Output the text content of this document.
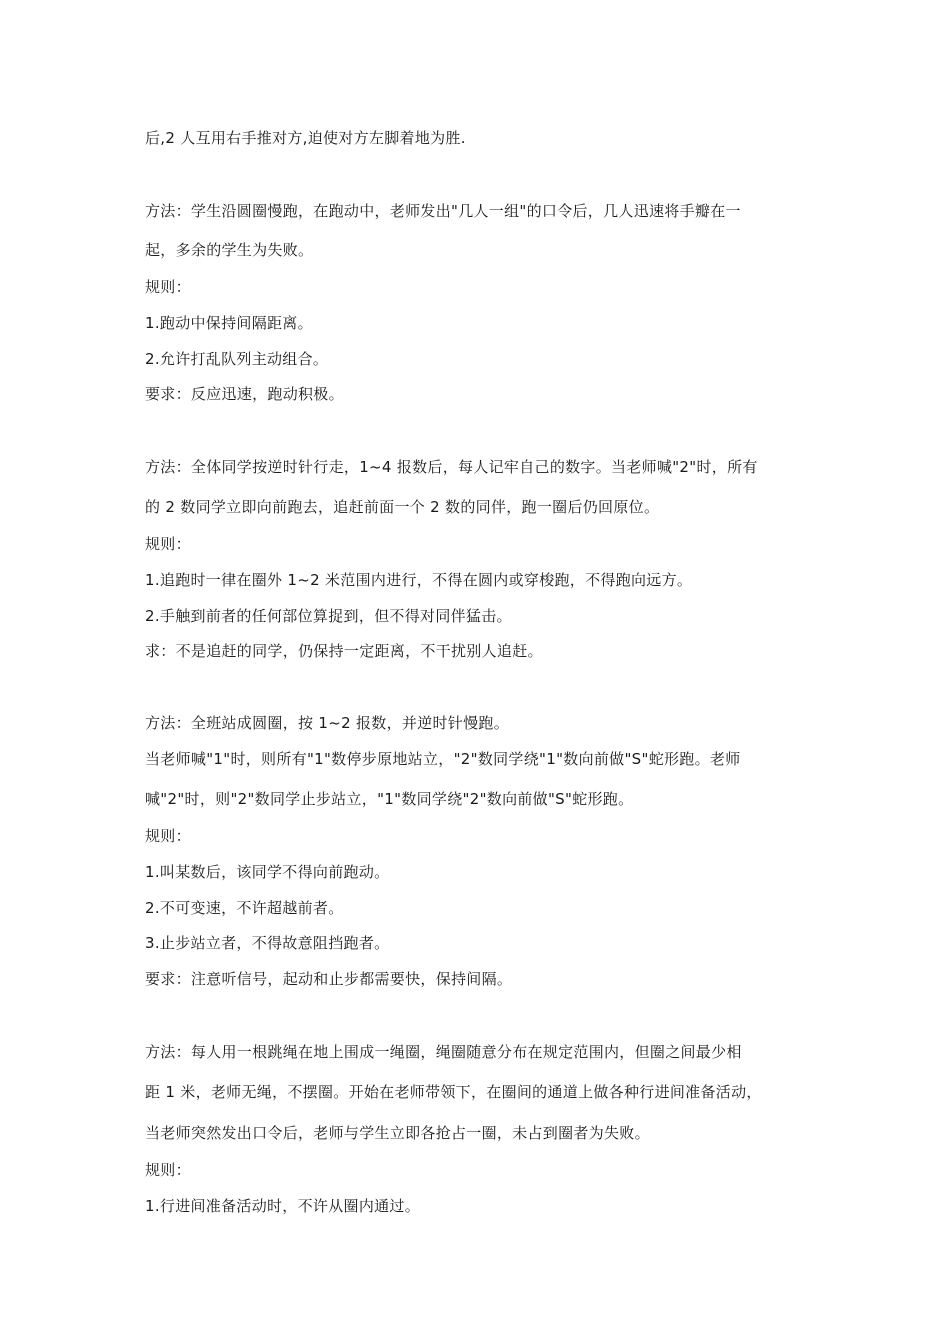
后,2 人互用右手推对方,迫使对方左脚着地为胜.
方法：学生沿圆圈慢跑，在跑动中，老师发出"几人一组"的口令后，几人迅速将手瓣在一
起，多余的学生为失败。
规则：
1.跑动中保持间隔距离。
2.允许打乱队列主动组合。
要求：反应迅速，跑动积极。
方法：全体同学按逆时针行走，1~4 报数后，每人记牢自己的数字。当老师喊"2"时，所有
的 2 数同学立即向前跑去，追赶前面一个 2 数的同伴，跑一圈后仍回原位。
规则：
1.追跑时一律在圈外 1~2 米范围内进行，不得在圆内或穿梭跑，不得跑向远方。
2.手触到前者的任何部位算捉到，但不得对同伴猛击。
求：不是追赶的同学，仍保持一定距离，不干扰别人追赶。
方法：全班站成圆圈，按 1~2 报数，并逆时针慢跑。
当老师喊"1"时，则所有"1"数停步原地站立，"2"数同学绕"1"数向前做"S"蛇形跑。老师
喊"2"时，则"2"数同学止步站立，"1"数同学绕"2"数向前做"S"蛇形跑。
规则：
1.叫某数后，该同学不得向前跑动。
2.不可变速，不许超越前者。
3.止步站立者，不得故意阻挡跑者。
要求：注意听信号，起动和止步都需要快，保持间隔。
方法：每人用一根跳绳在地上围成一绳圈，绳圈随意分布在规定范围内，但圈之间最少相
距 1 米，老师无绳，不摆圈。开始在老师带领下，在圈间的通道上做各种行进间准备活动，
当老师突然发出口令后，老师与学生立即各抢占一圈，未占到圈者为失败。
规则：
1.行进间准备活动时，不许从圈内通过。
